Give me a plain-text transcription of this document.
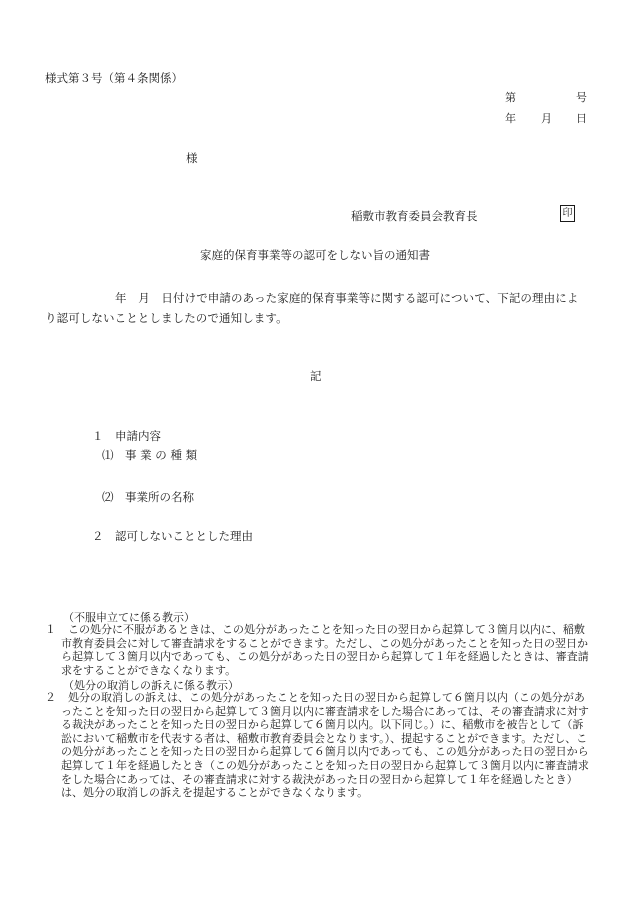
様式第３号（第４条関係）
第	号
年 月 日
様
稲敷市教育委員会教育長	印
家庭的保育事業等の認可をしない旨の通知書
年　月　日付けで申請のあった家庭的保育事業等に関する認可について、下記の理由により認可しないこととしましたので通知します。
記
１　申請内容
⑴　事 業 の 種 類
⑵　事業所の名称
２　認可しないこととした理由
（不服申立てに係る教示）
１	この処分に不服があるときは、この処分があったことを知った日の翌日から起算して３箇月以内に、稲敷市教育委員会に対して審査請求をすることができます。ただし、この処分があったことを知った日の翌日から起算して３箇月以内であっても、この処分があった日の翌日から起算して１年を経過したときは、審査請求をすることができなくなります。
（処分の取消しの訴えに係る教示）
２	処分の取消しの訴えは、この処分があったことを知った日の翌日から起算して６箇月以内（この処分があったことを知った日の翌日から起算して３箇月以内に審査請求をした場合にあっては、その審査請求に対する裁決があったことを知った日の翌日から起算して６箇月以内。以下同じ。）に、稲敷市を被告として（訴訟において稲敷市を代表する者は、稲敷市教育委員会となります。）、提起することができます。ただし、この処分があったことを知った日の翌日から起算して６箇月以内であっても、この処分があった日の翌日から起算して１年を経過したとき（この処分があったことを知った日の翌日から起算して３箇月以内に審査請求をした場合にあっては、その審査請求に対する裁決があった日の翌日から起算して１年を経過したとき）は、処分の取消しの訴えを提起することができなくなります。
